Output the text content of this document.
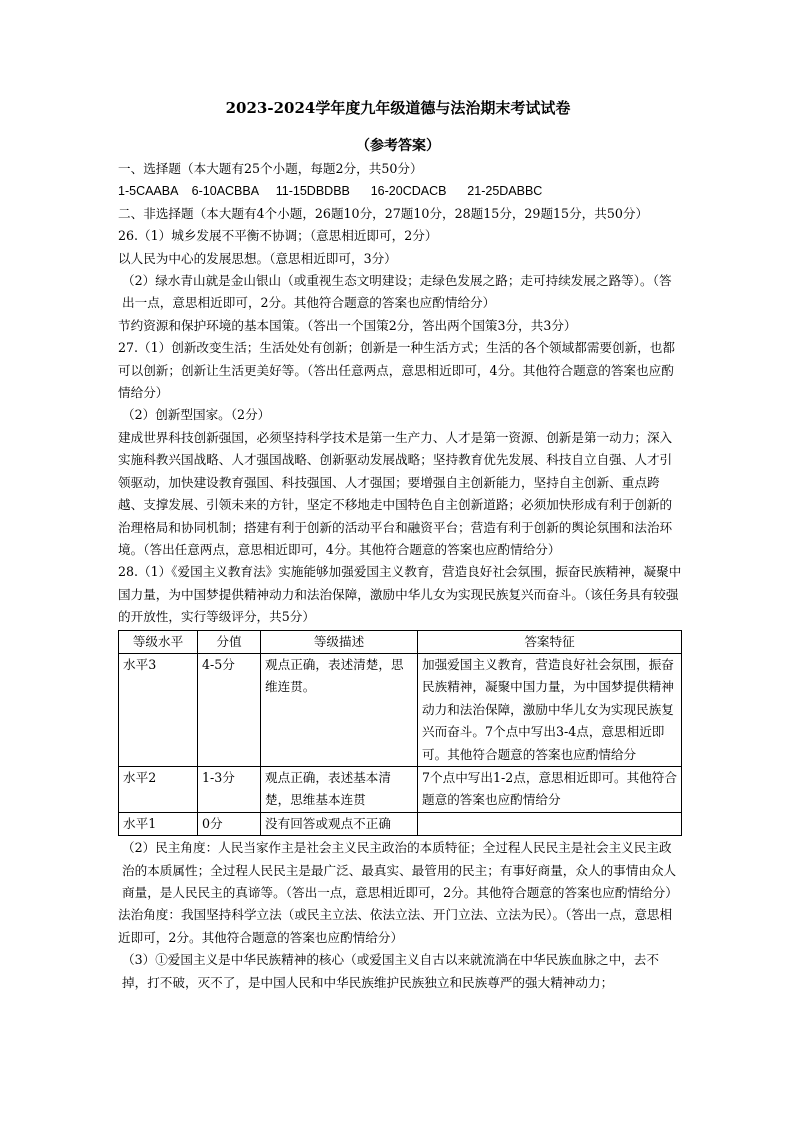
2023-2024学年度九年级道德与法治期末考试试卷
（参考答案）

一、选择题（本大题有25个小题，每题2分，共50分）

1-5CAABA 6-10ACBBA 11-15DBDBB 16-20CDACB 21-25DABBC

二、非选择题（本大题有4个小题，26题10分，27题10分，28题15分，29题15分，共50分）

26.（1）城乡发展不平衡不协调；（意思相近即可，2分）

以人民为中心的发展思想。（意思相近即可，3分）

（2）绿水青山就是金山银山（或重视生态文明建设；走绿色发展之路；走可持续发展之路等）。（答出一点，意思相近即可，2分。其他符合题意的答案也应酌情给分）

节约资源和保护环境的基本国策。（答出一个国策2分，答出两个国策3分，共3分）

27.（1）创新改变生活；生活处处有创新；创新是一种生活方式；生活的各个领域都需要创新，也都可以创新；创新让生活更美好等。（答出任意两点，意思相近即可，4分。其他符合题意的答案也应酌情给分）

（2）创新型国家。（2分）

建成世界科技创新强国，必须坚持科学技术是第一生产力、人才是第一资源、创新是第一动力；深入实施科教兴国战略、人才强国战略、创新驱动发展战略；坚持教育优先发展、科技自立自强、人才引领驱动，加快建设教育强国、科技强国、人才强国；要增强自主创新能力，坚持自主创新、重点跨越、支撑发展、引领未来的方针，坚定不移地走中国特色自主创新道路；必须加快形成有利于创新的治理格局和协同机制；搭建有利于创新的活动平台和融资平台；营造有利于创新的舆论氛围和法治环境。（答出任意两点，意思相近即可，4分。其他符合题意的答案也应酌情给分）

28.（1）《爱国主义教育法》实施能够加强爱国主义教育，营造良好社会氛围，振奋民族精神，凝聚中国力量，为中国梦提供精神动力和法治保障，激励中华儿女为实现民族复兴而奋斗。（该任务具有较强的开放性，实行等级评分，共5分）

等级水平	分值	等级描述	答案特征
水平3	4-5分	观点正确，表述清楚，思维连贯。	加强爱国主义教育，营造良好社会氛围，振奋民族精神，凝聚中国力量，为中国梦提供精神动力和法治保障，激励中华儿女为实现民族复兴而奋斗。7个点中写出3-4点，意思相近即可。其他符合题意的答案也应酌情给分
水平2	1-3分	观点正确，表述基本清楚，思维基本连贯	7个点中写出1-2点，意思相近即可。其他符合题意的答案也应酌情给分
水平1	0分	没有回答或观点不正确	

（2）民主角度：人民当家作主是社会主义民主政治的本质特征；全过程人民民主是社会主义民主政治的本质属性；全过程人民民主是最广泛、最真实、最管用的民主；有事好商量，众人的事情由众人商量，是人民民主的真谛等。（答出一点，意思相近即可，2分。其他符合题意的答案也应酌情给分）

法治角度：我国坚持科学立法（或民主立法、依法立法、开门立法、立法为民）。（答出一点，意思相近即可，2分。其他符合题意的答案也应酌情给分）

（3）①爱国主义是中华民族精神的核心（或爱国主义自古以来就流淌在中华民族血脉之中，去不掉，打不破，灭不了，是中国人民和中华民族维护民族独立和民族尊严的强大精神动力；
